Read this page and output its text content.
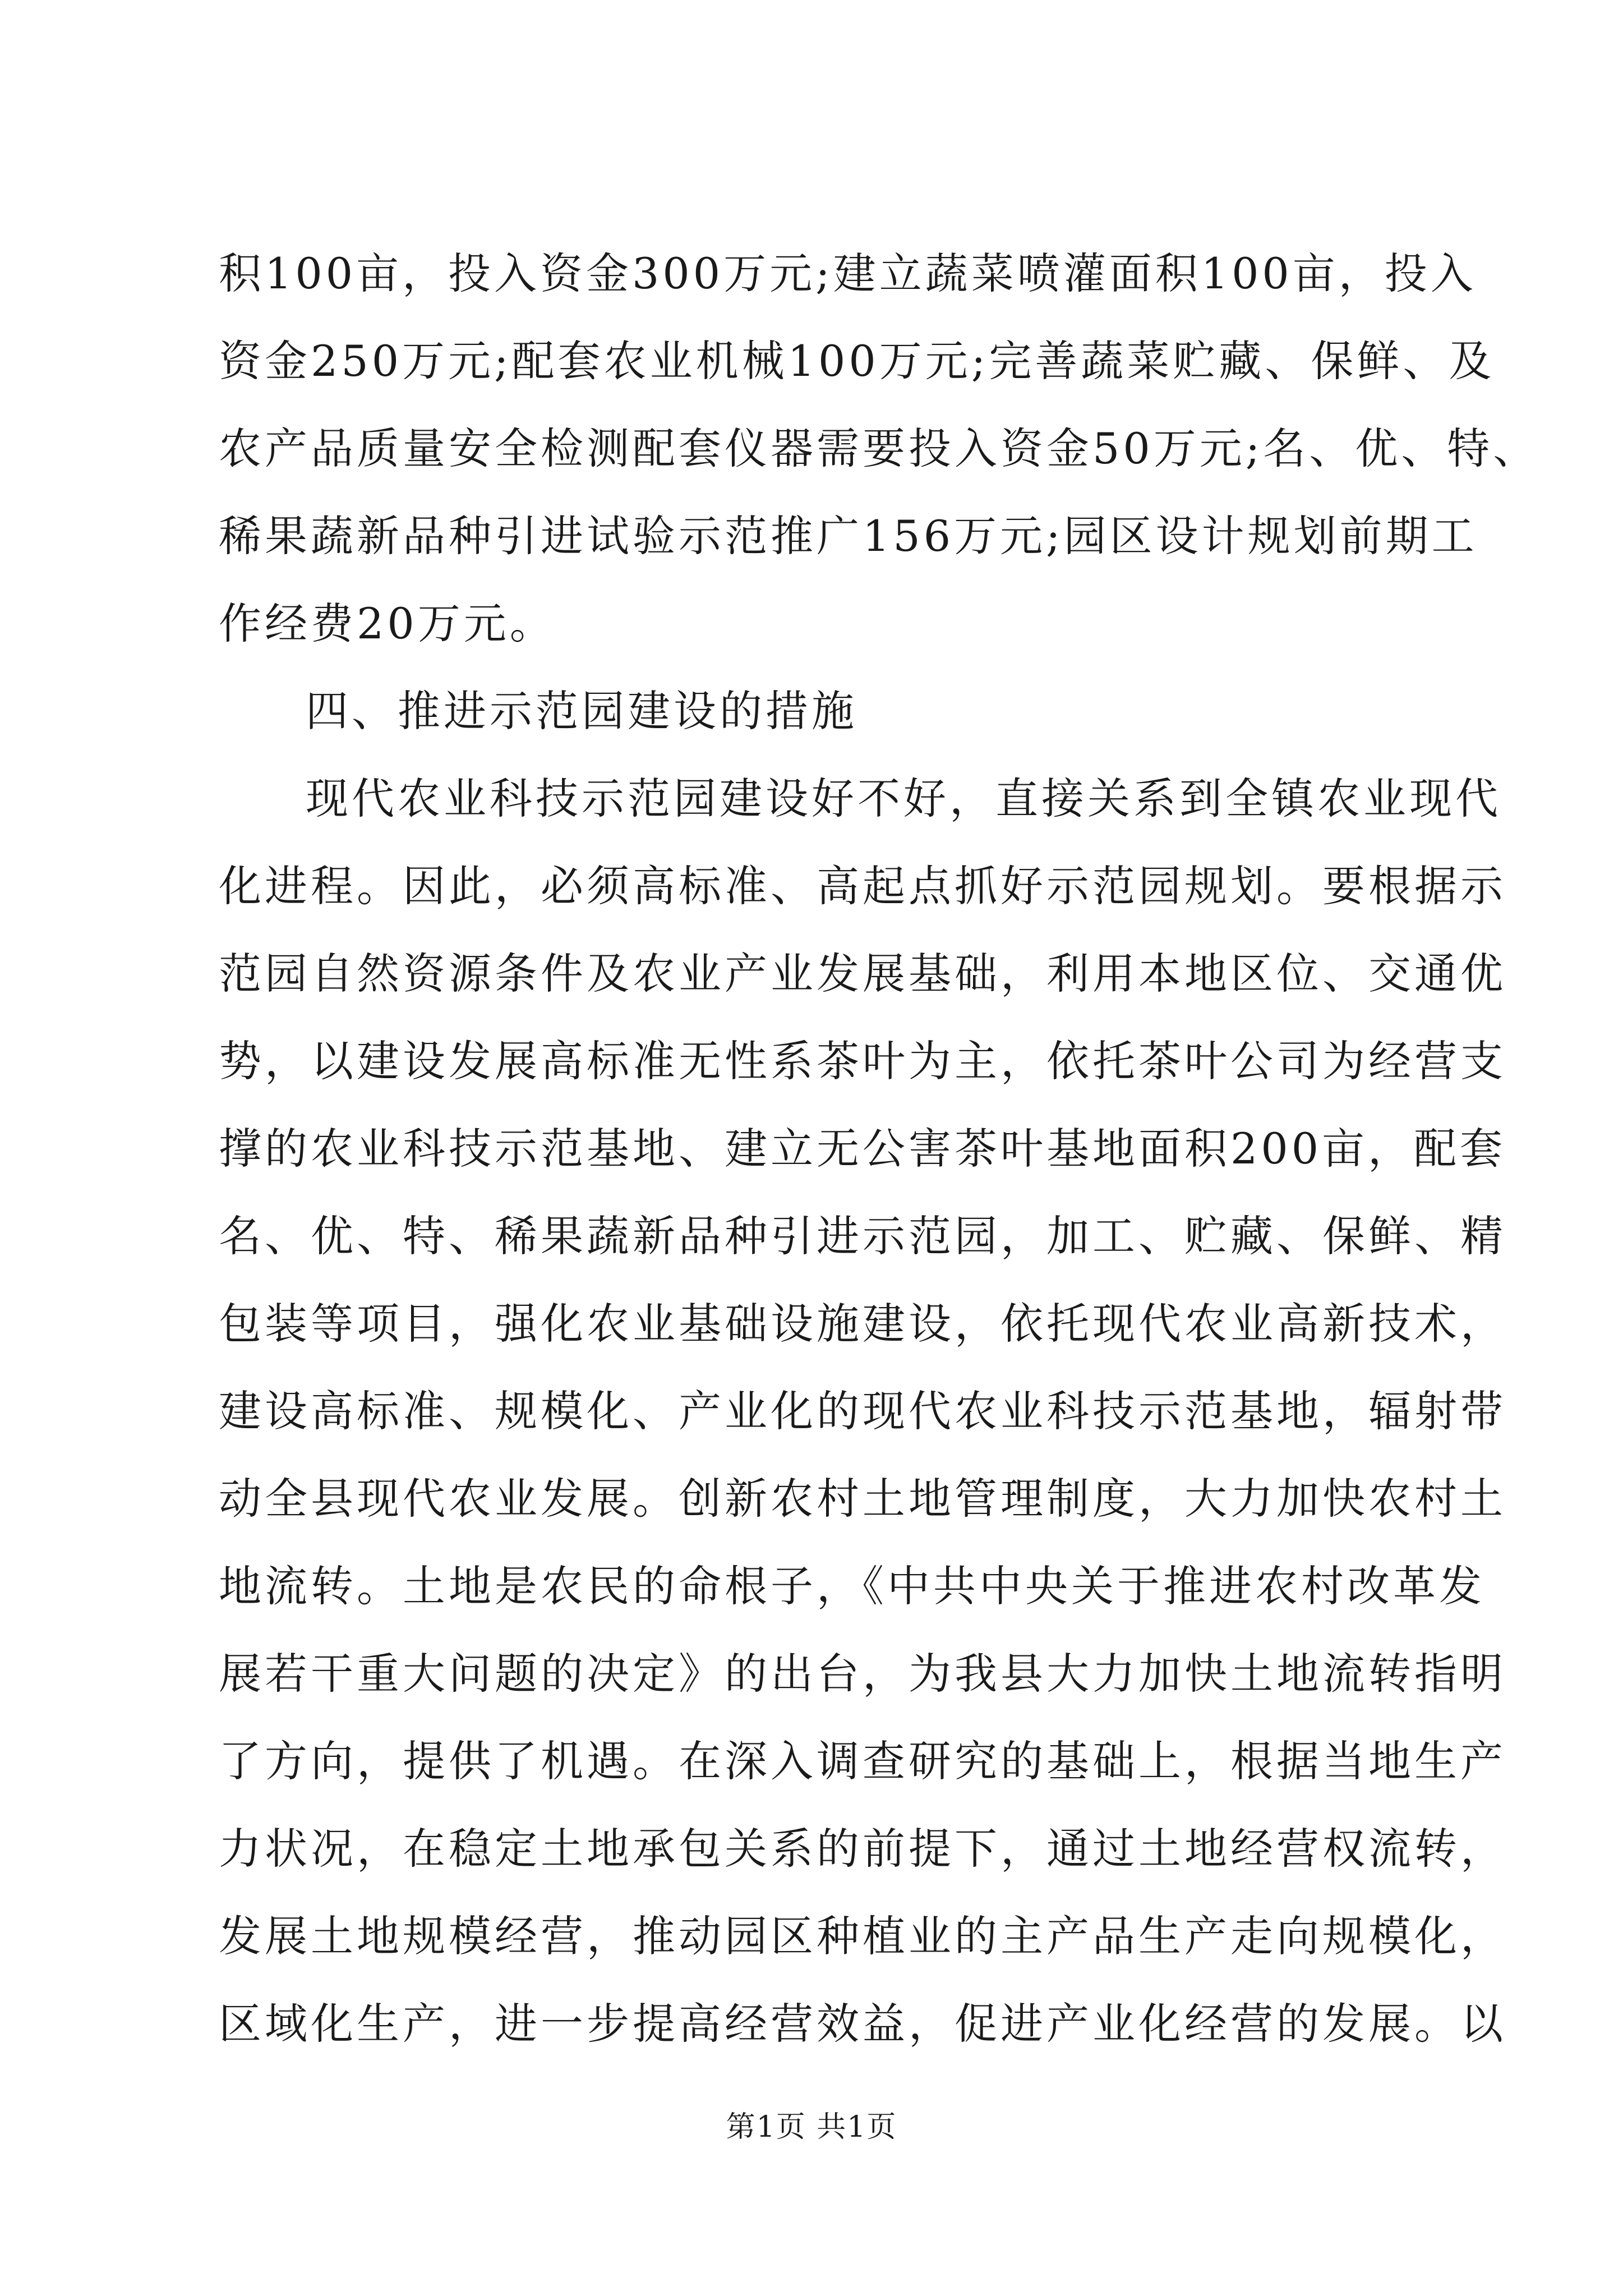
积100亩，投入资金300万元;建立蔬菜喷灌面积100亩，投入
资金250万元;配套农业机械100万元;完善蔬菜贮藏、保鲜、及
农产品质量安全检测配套仪器需要投入资金50万元;名、优、特、
稀果蔬新品种引进试验示范推广156万元;园区设计规划前期工
作经费20万元。
四、推进示范园建设的措施
现代农业科技示范园建设好不好，直接关系到全镇农业现代
化进程。因此，必须高标准、高起点抓好示范园规划。要根据示
范园自然资源条件及农业产业发展基础，利用本地区位、交通优
势，以建设发展高标准无性系茶叶为主，依托茶叶公司为经营支
撑的农业科技示范基地、建立无公害茶叶基地面积200亩，配套
名、优、特、稀果蔬新品种引进示范园，加工、贮藏、保鲜、精
包装等项目，强化农业基础设施建设，依托现代农业高新技术，
建设高标准、规模化、产业化的现代农业科技示范基地，辐射带
动全县现代农业发展。创新农村土地管理制度，大力加快农村土
地流转。土地是农民的命根子，《中共中央关于推进农村改革发
展若干重大问题的决定》的出台，为我县大力加快土地流转指明
了方向，提供了机遇。在深入调查研究的基础上，根据当地生产
力状况，在稳定土地承包关系的前提下，通过土地经营权流转，
发展土地规模经营，推动园区种植业的主产品生产走向规模化，
区域化生产，进一步提高经营效益，促进产业化经营的发展。以
第1页 共1页
